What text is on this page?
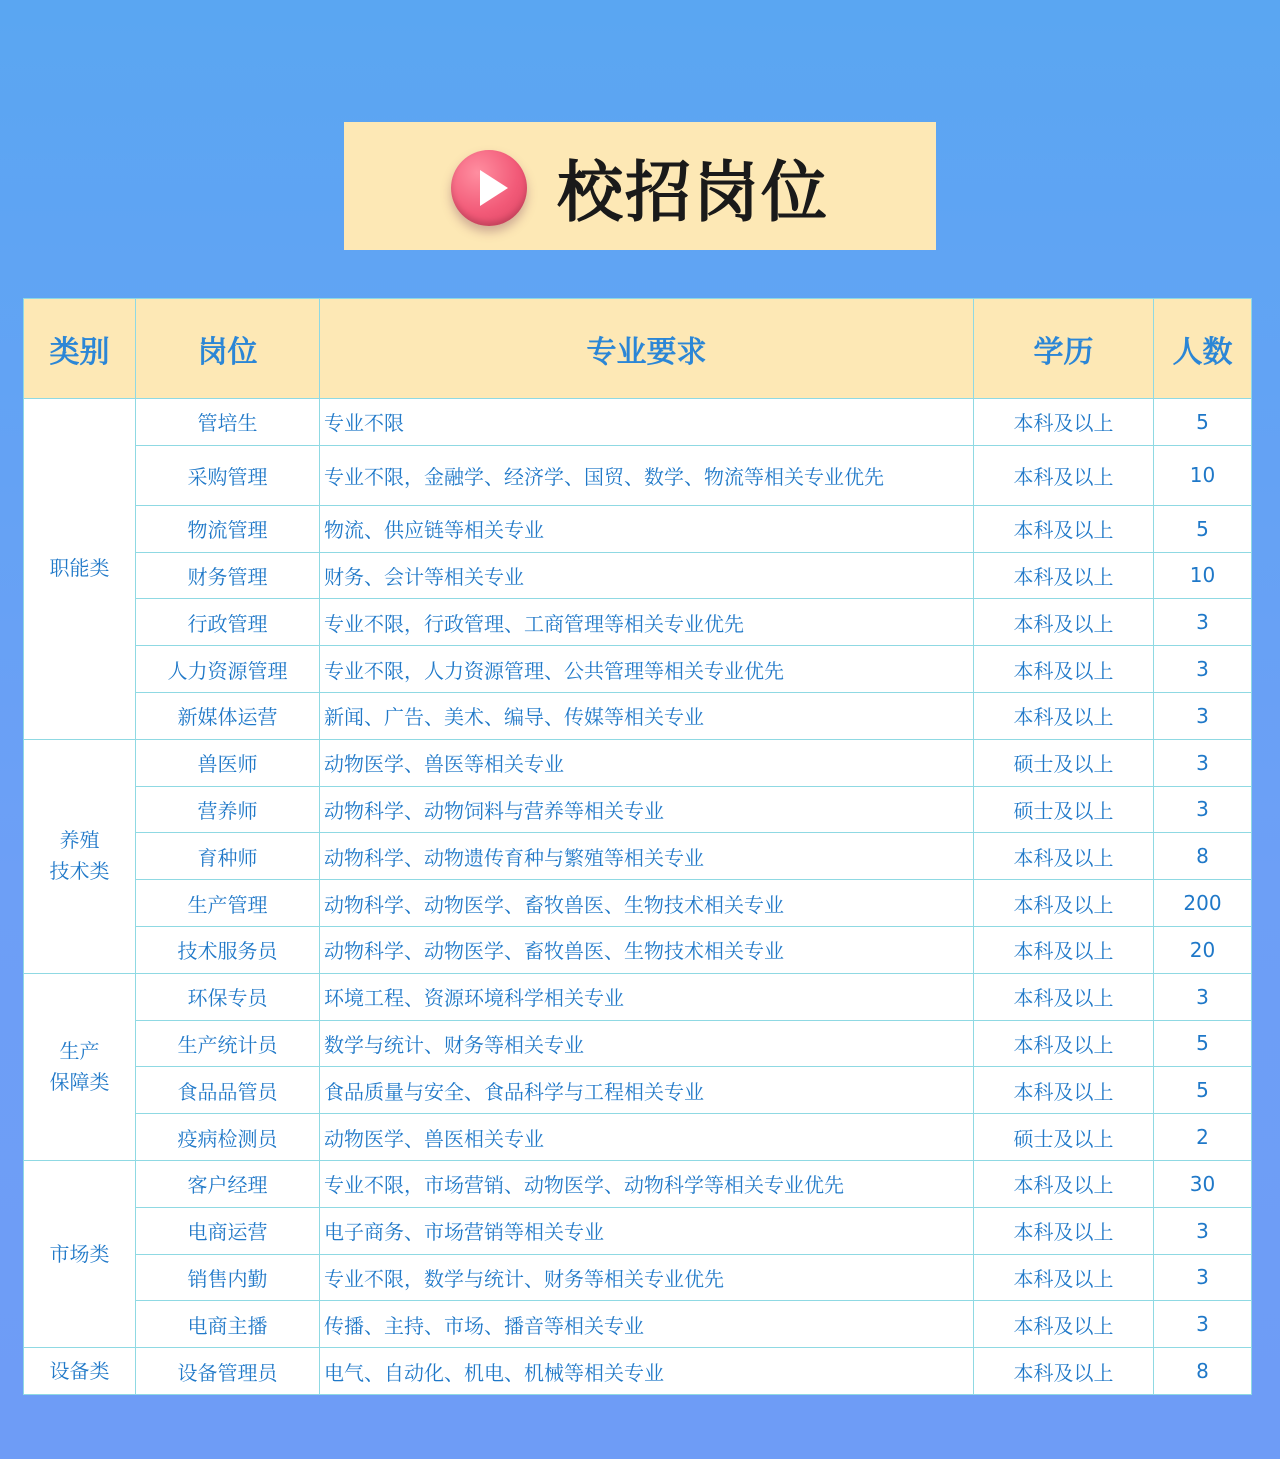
校招岗位
类别	岗位	专业要求	学历	人数

职能类	管培生	专业不限	本科及以上	5
	采购管理	专业不限，金融学、经济学、国贸、数学、物流等相关专业优先	本科及以上	10
	物流管理	物流、供应链等相关专业	本科及以上	5
	财务管理	财务、会计等相关专业	本科及以上	10
	行政管理	专业不限，行政管理、工商管理等相关专业优先	本科及以上	3
	人力资源管理	专业不限，人力资源管理、公共管理等相关专业优先	本科及以上	3
	新媒体运营	新闻、广告、美术、编导、传媒等相关专业	本科及以上	3

养殖
技术类	兽医师	动物医学、兽医等相关专业	硕士及以上	3
	营养师	动物科学、动物饲料与营养等相关专业	硕士及以上	3
	育种师	动物科学、动物遗传育种与繁殖等相关专业	本科及以上	8
	生产管理	动物科学、动物医学、畜牧兽医、生物技术相关专业	本科及以上	200
	技术服务员	动物科学、动物医学、畜牧兽医、生物技术相关专业	本科及以上	20

生产
保障类	环保专员	环境工程、资源环境科学相关专业	本科及以上	3
	生产统计员	数学与统计、财务等相关专业	本科及以上	5
	食品品管员	食品质量与安全、食品科学与工程相关专业	本科及以上	5
	疫病检测员	动物医学、兽医相关专业	硕士及以上	2

市场类	客户经理	专业不限，市场营销、动物医学、动物科学等相关专业优先	本科及以上	30
	电商运营	电子商务、市场营销等相关专业	本科及以上	3
	销售内勤	专业不限，数学与统计、财务等相关专业优先	本科及以上	3
	电商主播	传播、主持、市场、播音等相关专业	本科及以上	3

设备类	设备管理员	电气、自动化、机电、机械等相关专业	本科及以上	8
